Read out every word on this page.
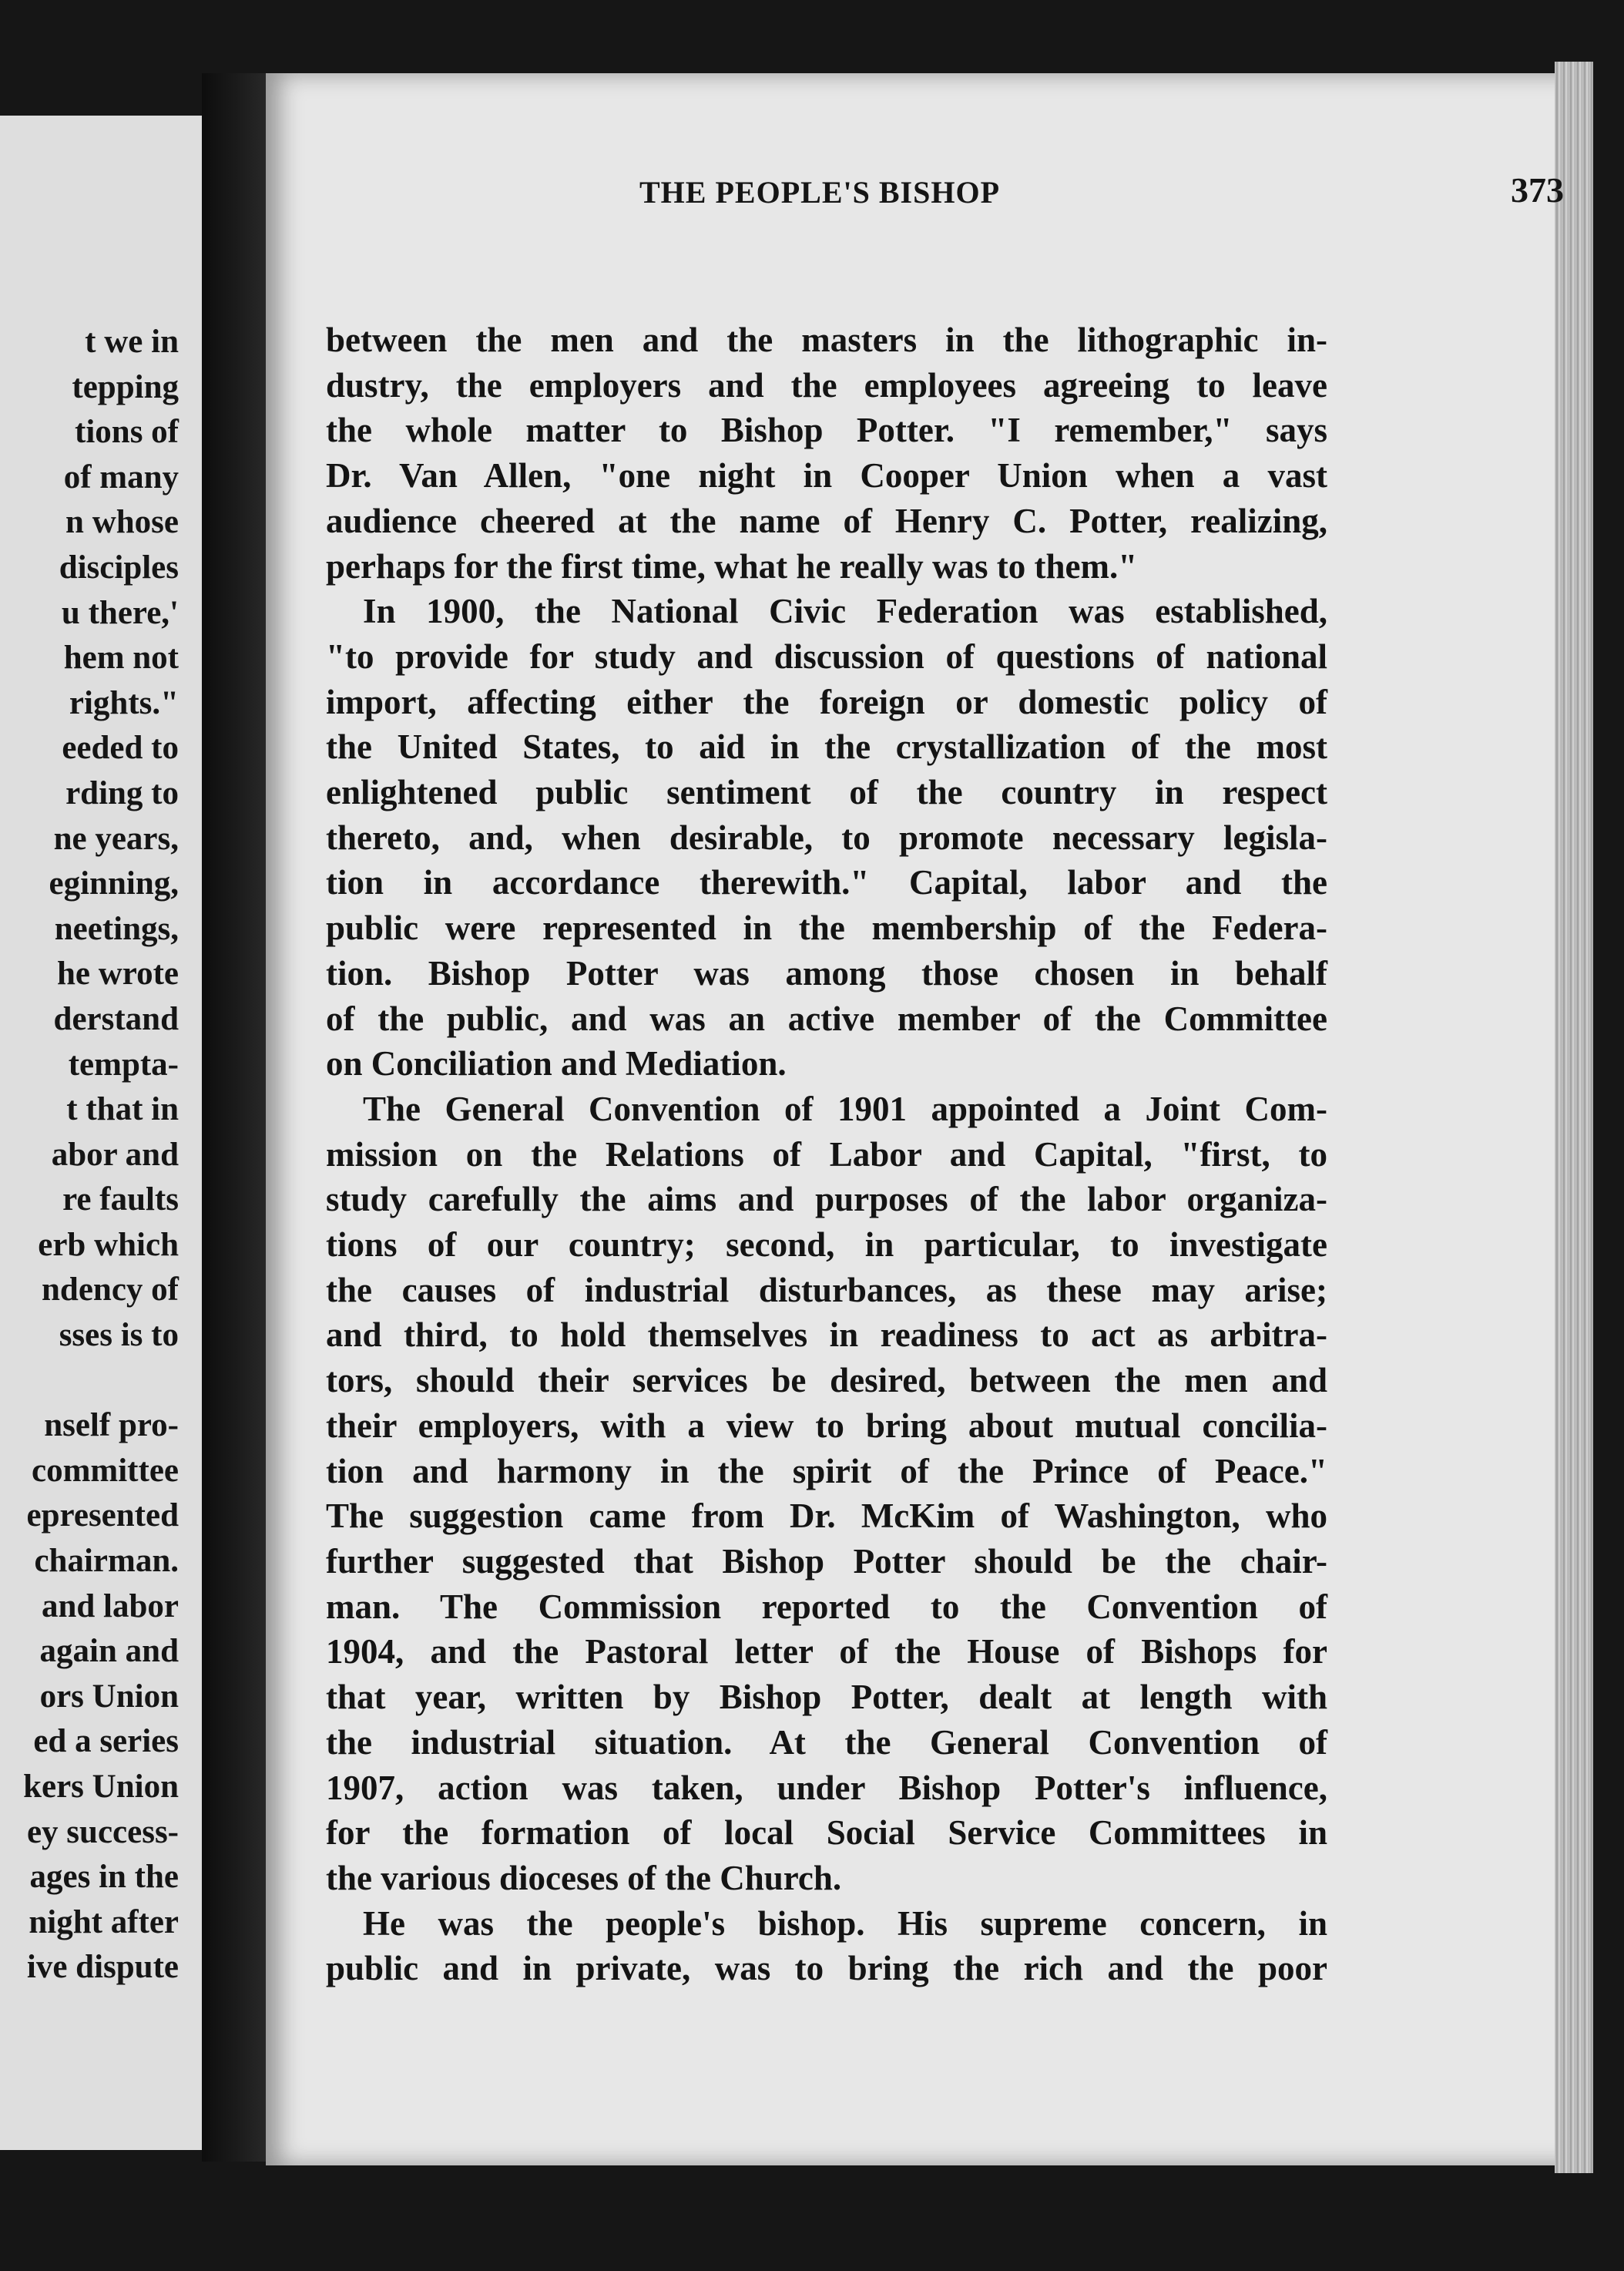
t we in
tepping
tions of
of many
n whose
disciples
u there,'
hem not
rights."
eeded to
rding to
ne years,
eginning,
neetings,
he wrote
derstand
tempta-
t that in
abor and
re faults
erb which
ndency of
sses is to
nself pro-
committee
epresented
chairman.
and labor
again and
ors Union
ed a series
kers Union
ey success-
ages in the
night after
ive dispute
THE PEOPLE'S BISHOP	373
between the men and the masters in the lithographic in-
dustry, the employers and the employees agreeing to leave
the whole matter to Bishop Potter. "I remember," says
Dr. Van Allen, "one night in Cooper Union when a vast
audience cheered at the name of Henry C. Potter, realizing,
perhaps for the first time, what he really was to them."
In 1900, the National Civic Federation was established,
"to provide for study and discussion of questions of national
import, affecting either the foreign or domestic policy of
the United States, to aid in the crystallization of the most
enlightened public sentiment of the country in respect
thereto, and, when desirable, to promote necessary legisla-
tion in accordance therewith." Capital, labor and the
public were represented in the membership of the Federa-
tion. Bishop Potter was among those chosen in behalf
of the public, and was an active member of the Committee
on Conciliation and Mediation.
The General Convention of 1901 appointed a Joint Com-
mission on the Relations of Labor and Capital, "first, to
study carefully the aims and purposes of the labor organiza-
tions of our country; second, in particular, to investigate
the causes of industrial disturbances, as these may arise;
and third, to hold themselves in readiness to act as arbitra-
tors, should their services be desired, between the men and
their employers, with a view to bring about mutual concilia-
tion and harmony in the spirit of the Prince of Peace."
The suggestion came from Dr. McKim of Washington, who
further suggested that Bishop Potter should be the chair-
man. The Commission reported to the Convention of
1904, and the Pastoral letter of the House of Bishops for
that year, written by Bishop Potter, dealt at length with
the industrial situation. At the General Convention of
1907, action was taken, under Bishop Potter's influence,
for the formation of local Social Service Committees in
the various dioceses of the Church.
He was the people's bishop. His supreme concern, in
public and in private, was to bring the rich and the poor
